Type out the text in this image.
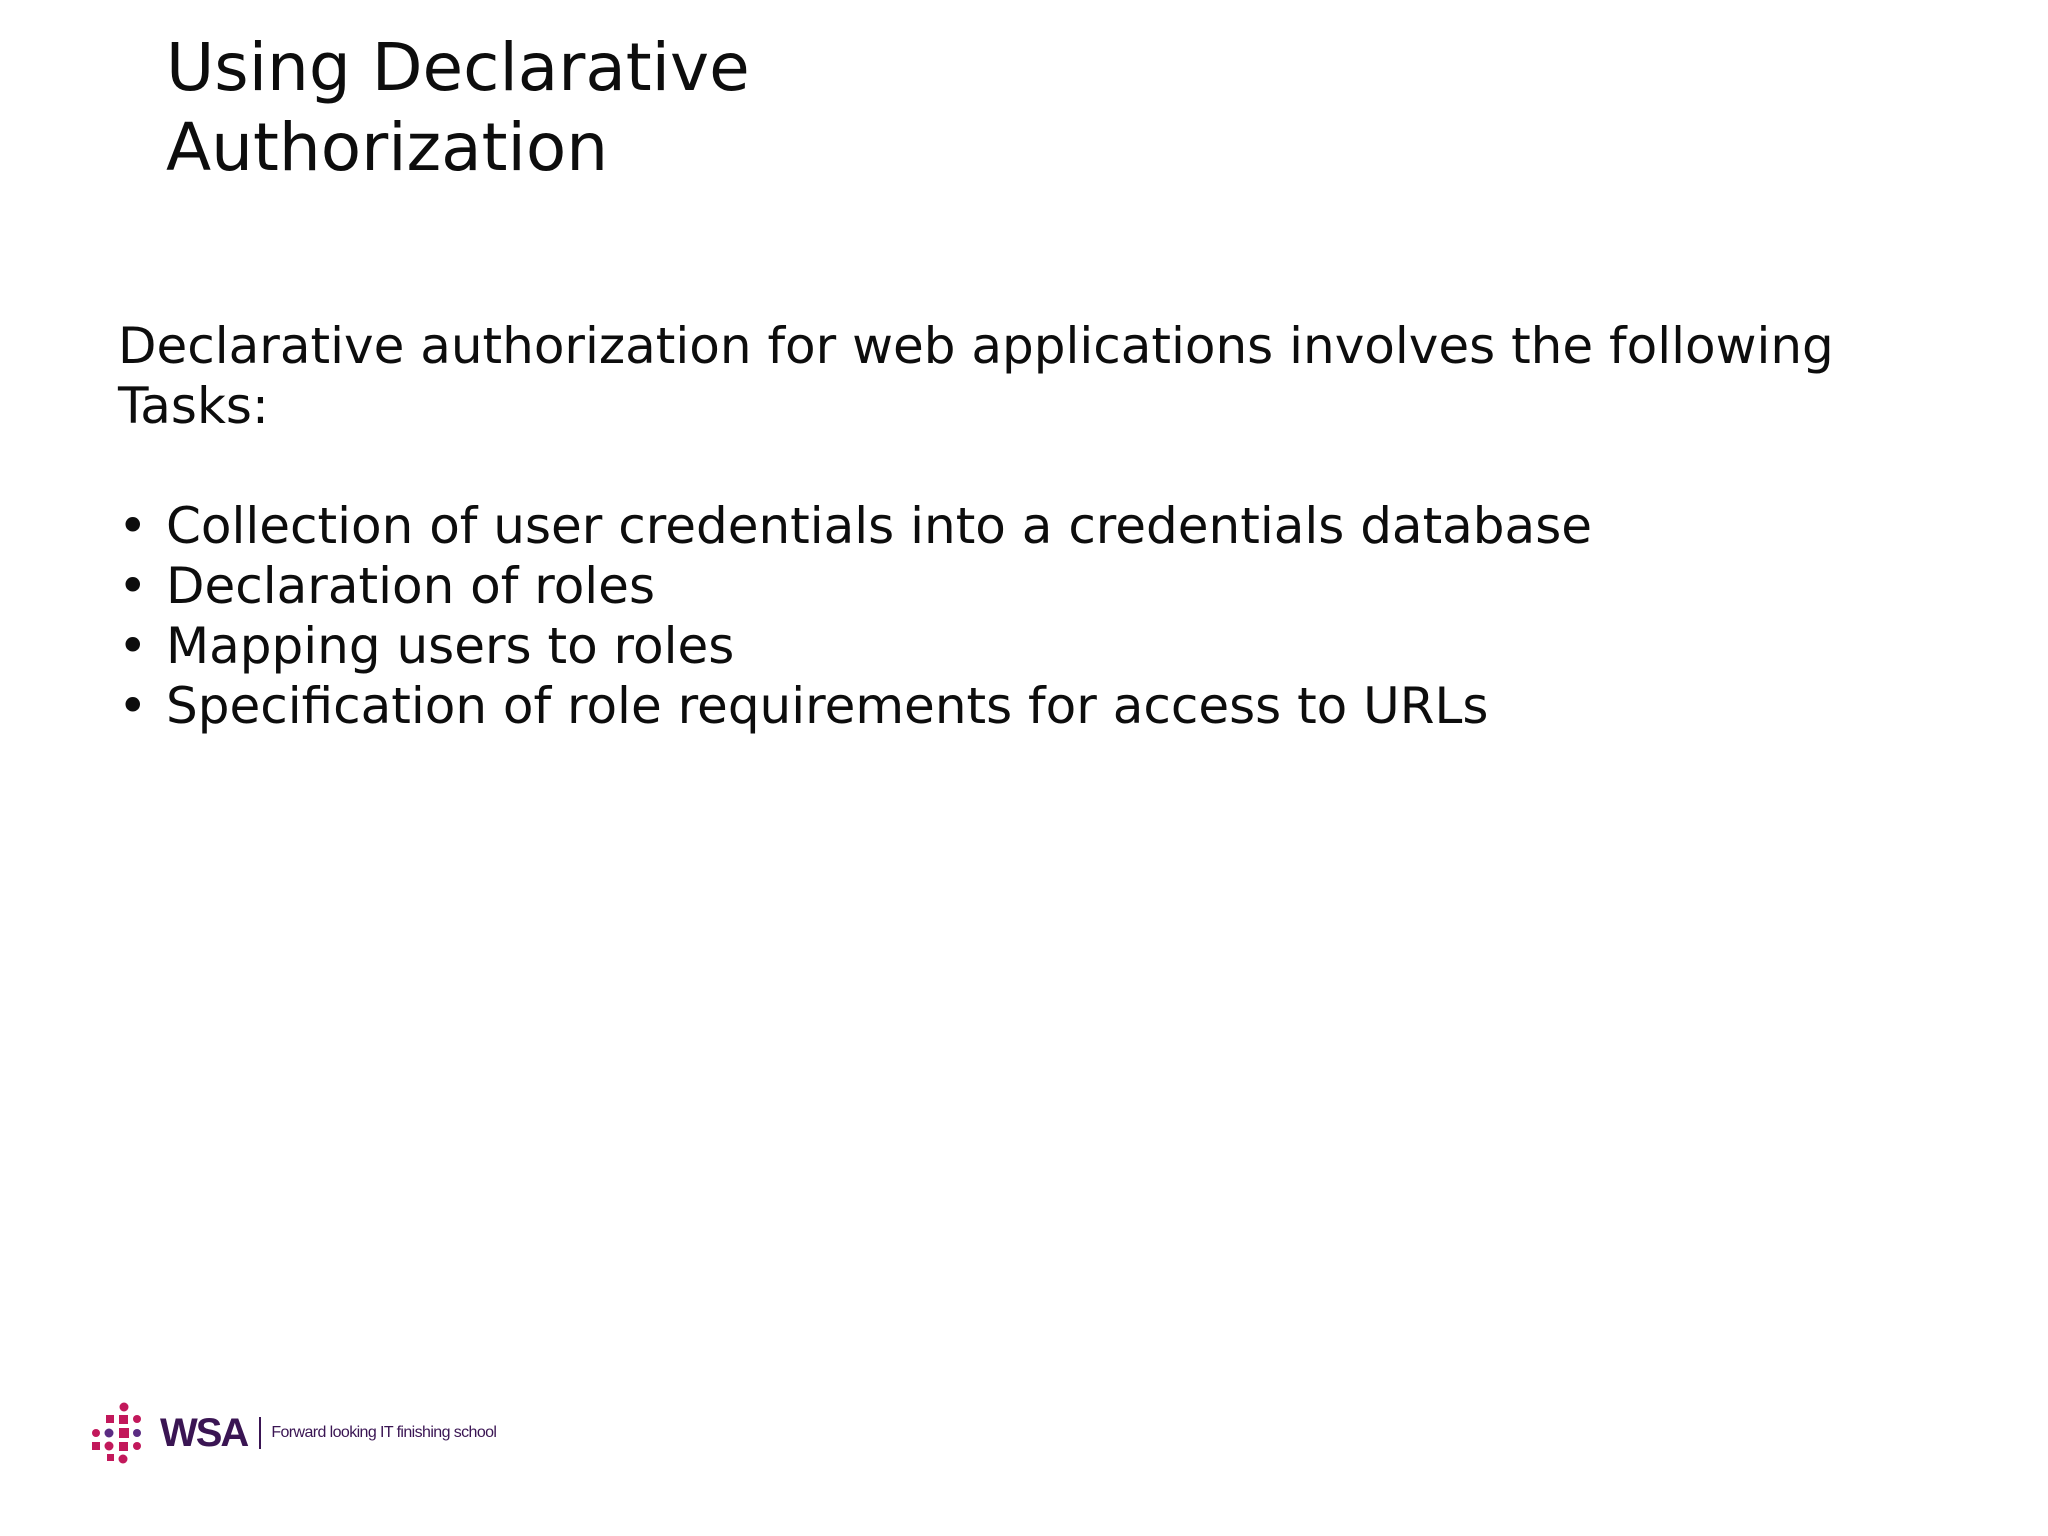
Using Declarative
Authorization

Declarative authorization for web applications involves the following
Tasks:

• Collection of user credentials into a credentials database
• Declaration of roles
• Mapping users to roles
• Specification of role requirements for access to URLs
WSA Forward looking IT finishing school
